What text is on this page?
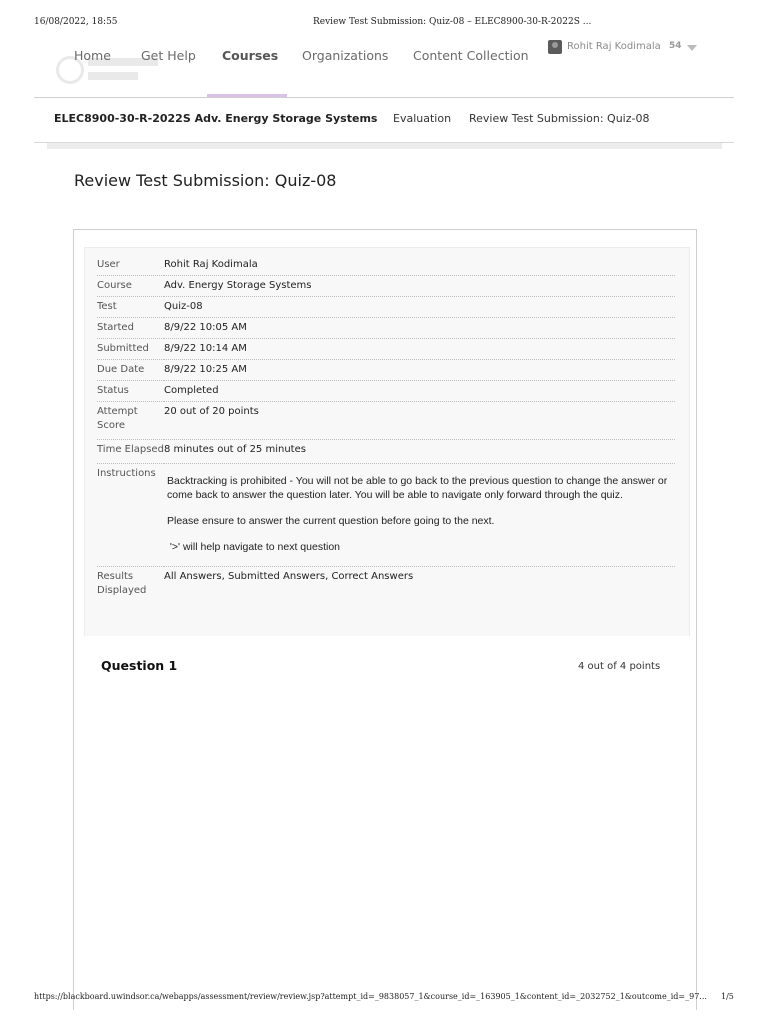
16/08/2022, 18:55	Review Test Submission: Quiz-08 – ELEC8900-30-R-2022S ...
Home Get Help Courses Organizations Content Collection
Rohit Raj Kodimala 54
ELEC8900-30-R-2022S Adv. Energy Storage Systems Evaluation Review Test Submission: Quiz-08
Review Test Submission: Quiz-08
User	Rohit Raj Kodimala
Course	Adv. Energy Storage Systems
Test	Quiz-08
Started	8/9/22 10:05 AM
Submitted	8/9/22 10:14 AM
Due Date	8/9/22 10:25 AM
Status	Completed
Attempt Score	20 out of 20 points
Time Elapsed	8 minutes out of 25 minutes
Instructions	Backtracking is prohibited - You will not be able to go back to the previous question to change the answer or come back to answer the question later. You will be able to navigate only forward through the quiz.

Please ensure to answer the current question before going to the next.

'>' will help navigate to next question

Results Displayed	All Answers, Submitted Answers, Correct Answers
Question 1	4 out of 4 points
https://blackboard.uwindsor.ca/webapps/assessment/review/review.jsp?attempt_id=_9838057_1&course_id=_163905_1&content_id=_2032752_1&outcome_id=_97... 1/5
